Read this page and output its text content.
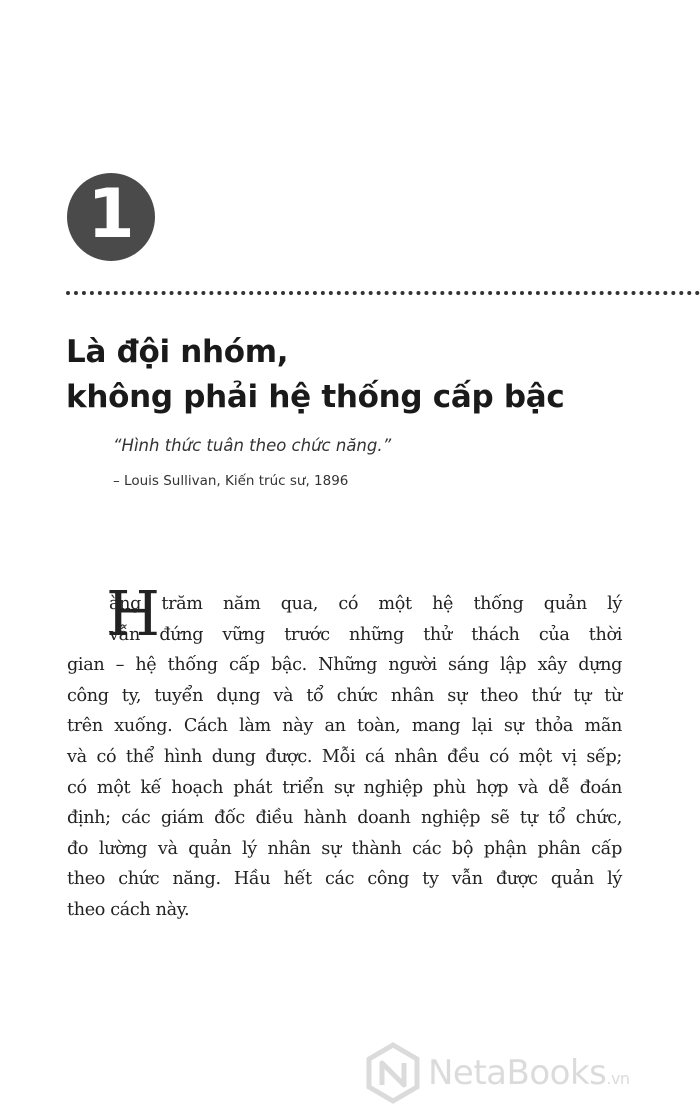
1
Là đội nhóm,
không phải hệ thống cấp bậc

“Hình thức tuân theo chức năng.”

– Louis Sullivan, Kiến trúc sư, 1896

H
àng trăm năm qua, có một hệ thống quản lý
vẫn đứng vững trước những thử thách của thời
gian – hệ thống cấp bậc. Những người sáng lập xây dựng
công ty, tuyển dụng và tổ chức nhân sự theo thứ tự từ
trên xuống. Cách làm này an toàn, mang lại sự thỏa mãn
và có thể hình dung được. Mỗi cá nhân đều có một vị sếp;
có một kế hoạch phát triển sự nghiệp phù hợp và dễ đoán
định; các giám đốc điều hành doanh nghiệp sẽ tự tổ chức,
đo lường và quản lý nhân sự thành các bộ phận phân cấp
theo chức năng. Hầu hết các công ty vẫn được quản lý
theo cách này.
NetaBooks.vn
